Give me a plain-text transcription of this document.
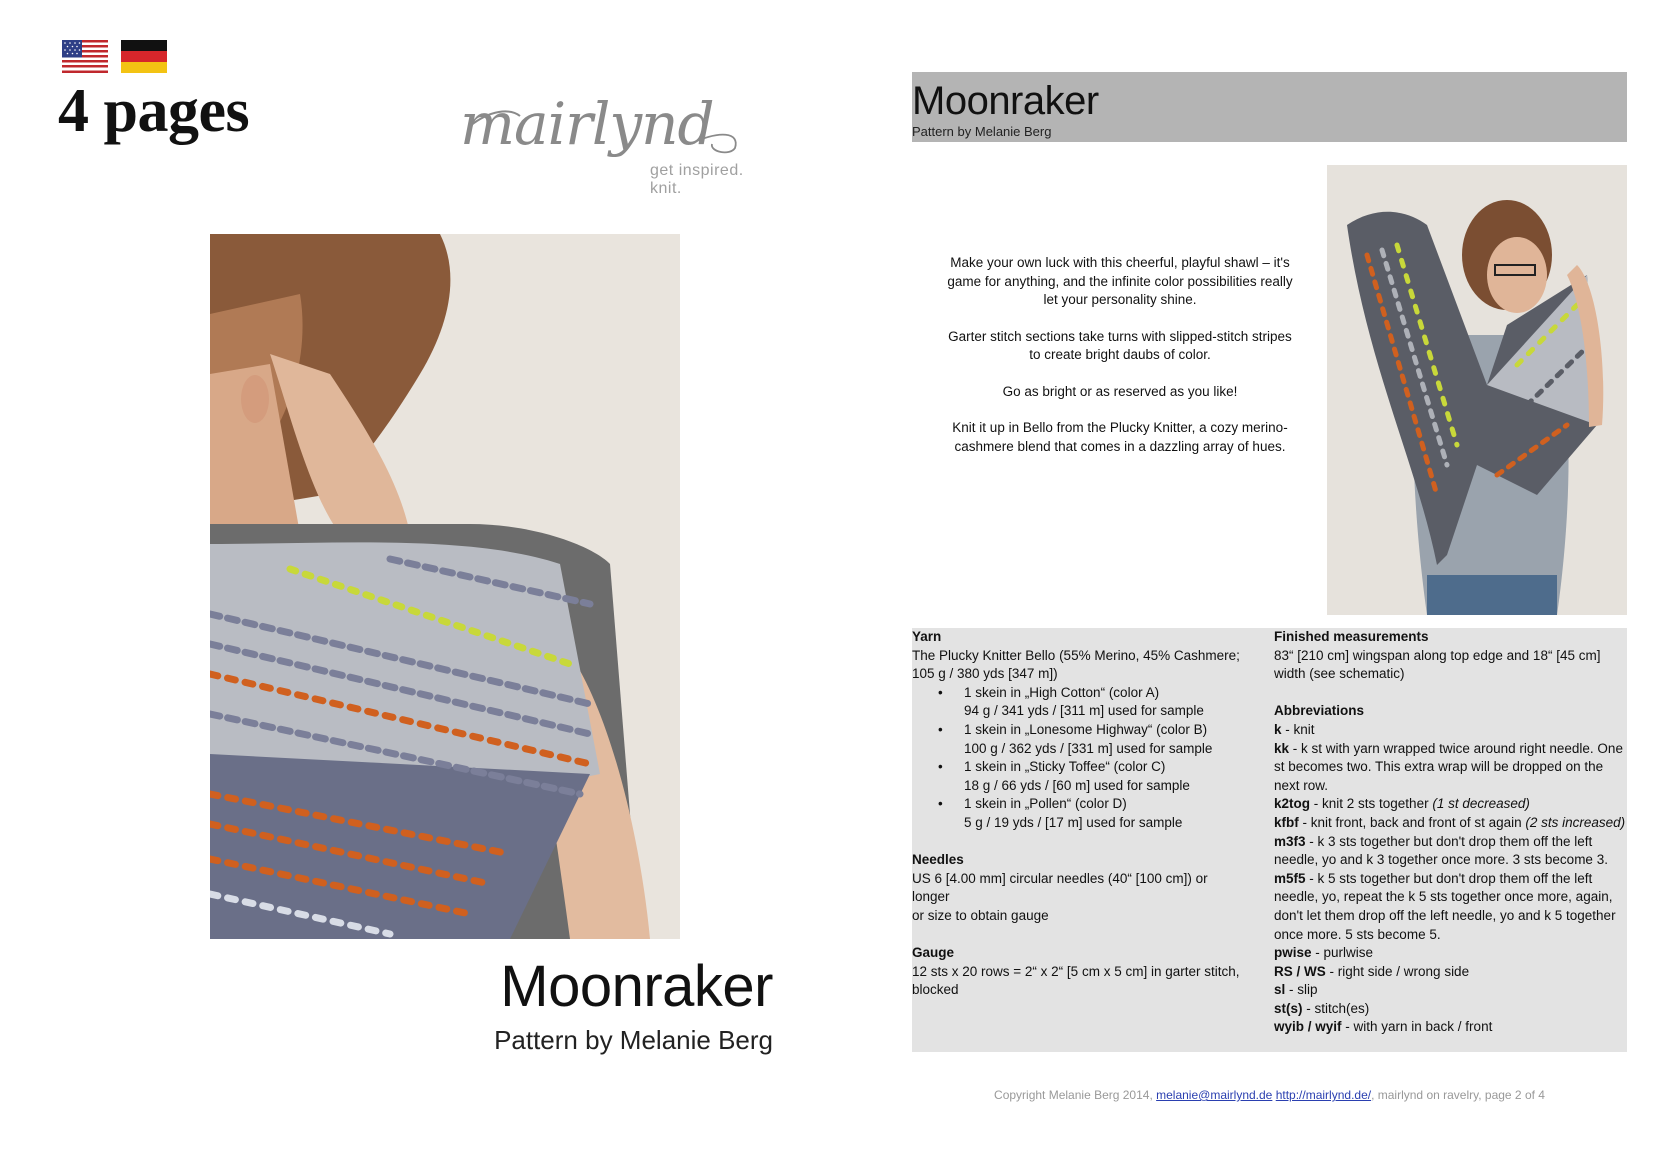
4 pages	mairlynd
get inspired. knit.
Moonraker
Pattern by Melanie Berg
Moonraker
Pattern by Melanie Berg

Make your own luck with this cheerful, playful shawl – it's game for anything, and the infinite color possibilities really let your personality shine.

Garter stitch sections take turns with slipped-stitch stripes to create bright daubs of color.

Go as bright or as reserved as you like!

Knit it up in Bello from the Plucky Knitter, a cozy merino-cashmere blend that comes in a dazzling array of hues.

Yarn
The Plucky Knitter Bello (55% Merino, 45% Cashmere;
105 g / 380 yds [347 m])
• 1 skein in „High Cotton“ (color A)
94 g / 341 yds / [311 m] used for sample
• 1 skein in „Lonesome Highway“ (color B)
100 g / 362 yds / [331 m] used for sample
• 1 skein in „Sticky Toffee“ (color C)
18 g / 66 yds / [60 m] used for sample
• 1 skein in „Pollen“ (color D)
5 g / 19 yds / [17 m] used for sample
Needles
US 6 [4.00 mm] circular needles (40“ [100 cm]) or
longer
or size to obtain gauge
Gauge
12 sts x 20 rows = 2“ x 2“ [5 cm x 5 cm] in garter stitch,
blocked
Finished measurements
83“ [210 cm] wingspan along top edge and 18“ [45 cm]
width (see schematic)
Abbreviations
k - knit
kk - k st with yarn wrapped twice around right needle. One st becomes two. This extra wrap will be dropped on the next row.
k2tog - knit 2 sts together (1 st decreased)
kfbf - knit front, back and front of st again (2 sts increased)
m3f3 - k 3 sts together but don't drop them off the left needle, yo and k 3 together once more. 3 sts become 3.
m5f5 - k 5 sts together but don't drop them off the left needle, yo, repeat the k 5 sts together once more, again, don't let them drop off the left needle, yo and k 5 together once more. 5 sts become 5.
pwise - purlwise
RS / WS - right side / wrong side
sl - slip
st(s) - stitch(es)
wyib / wyif - with yarn in back / front
Copyright Melanie Berg 2014, melanie@mairlynd.de http://mairlynd.de/, mairlynd on ravelry, page 2 of 4
